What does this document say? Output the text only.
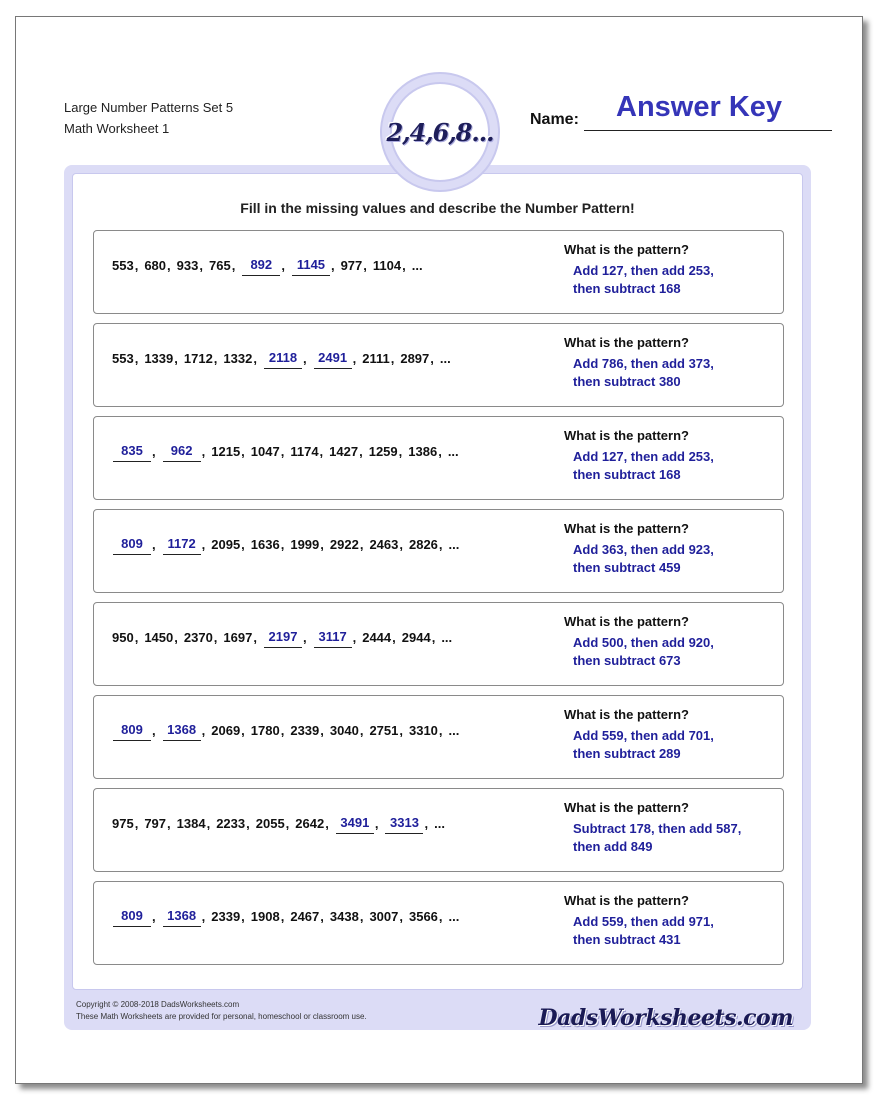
Large Number Patterns Set 5
Math Worksheet 1	2,4,6,8... Name: Answer Key
Fill in the missing values and describe the Number Pattern!
553, 680, 933, 765, 892 , 1145 , 977, 1104, ...
What is the pattern?
Add 127, then add 253,
then subtract 168
553, 1339, 1712, 1332, 2118 , 2491 , 2111, 2897, ...
What is the pattern?
Add 786, then add 373,
then subtract 380
835 , 962 , 1215, 1047, 1174, 1427, 1259, 1386, ...
What is the pattern?
Add 127, then add 253,
then subtract 168
809 , 1172 , 2095, 1636, 1999, 2922, 2463, 2826, ...
What is the pattern?
Add 363, then add 923,
then subtract 459
950, 1450, 2370, 1697, 2197 , 3117 , 2444, 2944, ...
What is the pattern?
Add 500, then add 920,
then subtract 673
809 , 1368 , 2069, 1780, 2339, 3040, 2751, 3310, ...
What is the pattern?
Add 559, then add 701,
then subtract 289
975, 797, 1384, 2233, 2055, 2642, 3491 , 3313 , ...
What is the pattern?
Subtract 178, then add 587,
then add 849
809 , 1368 , 2339, 1908, 2467, 3438, 3007, 3566, ...
What is the pattern?
Add 559, then add 971,
then subtract 431
Copyright © 2008-2018 DadsWorksheets.com
These Math Worksheets are provided for personal, homeschool or classroom use.	DadsWorksheets.com
